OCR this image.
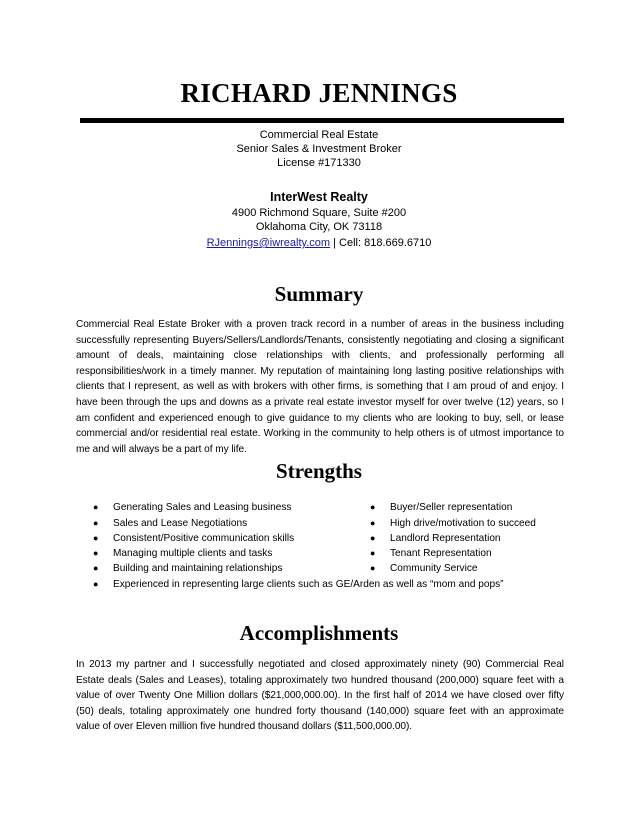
RICHARD JENNINGS
Commercial Real Estate
Senior Sales & Investment Broker
License #171330
InterWest Realty
4900 Richmond Square, Suite #200
Oklahoma City, OK 73118
RJennings@iwrealty.com | Cell: 818.669.6710
Summary
Commercial Real Estate Broker with a proven track record in a number of areas in the business including successfully representing Buyers/Sellers/Landlords/Tenants, consistently negotiating and closing a significant amount of deals, maintaining close relationships with clients, and professionally performing all responsibilities/work in a timely manner. My reputation of maintaining long lasting positive relationships with clients that I represent, as well as with brokers with other firms, is something that I am proud of and enjoy. I have been through the ups and downs as a private real estate investor myself for over twelve (12) years, so I am confident and experienced enough to give guidance to my clients who are looking to buy, sell, or lease commercial and/or residential real estate. Working in the community to help others is of utmost importance to me and will always be a part of my life.
Strengths
● Generating Sales and Leasing business
● Sales and Lease Negotiations
● Consistent/Positive communication skills
● Managing multiple clients and tasks
● Building and maintaining relationships
● Experienced in representing large clients such as GE/Arden as well as “mom and pops”
● Buyer/Seller representation
● High drive/motivation to succeed
● Landlord Representation
● Tenant Representation
● Community Service
Accomplishments
In 2013 my partner and I successfully negotiated and closed approximately ninety (90) Commercial Real Estate deals (Sales and Leases), totaling approximately two hundred thousand (200,000) square feet with a value of over Twenty One Million dollars ($21,000,000.00). In the first half of 2014 we have closed over fifty (50) deals, totaling approximately one hundred forty thousand (140,000) square feet with an approximate value of over Eleven million five hundred thousand dollars ($11,500,000.00).
